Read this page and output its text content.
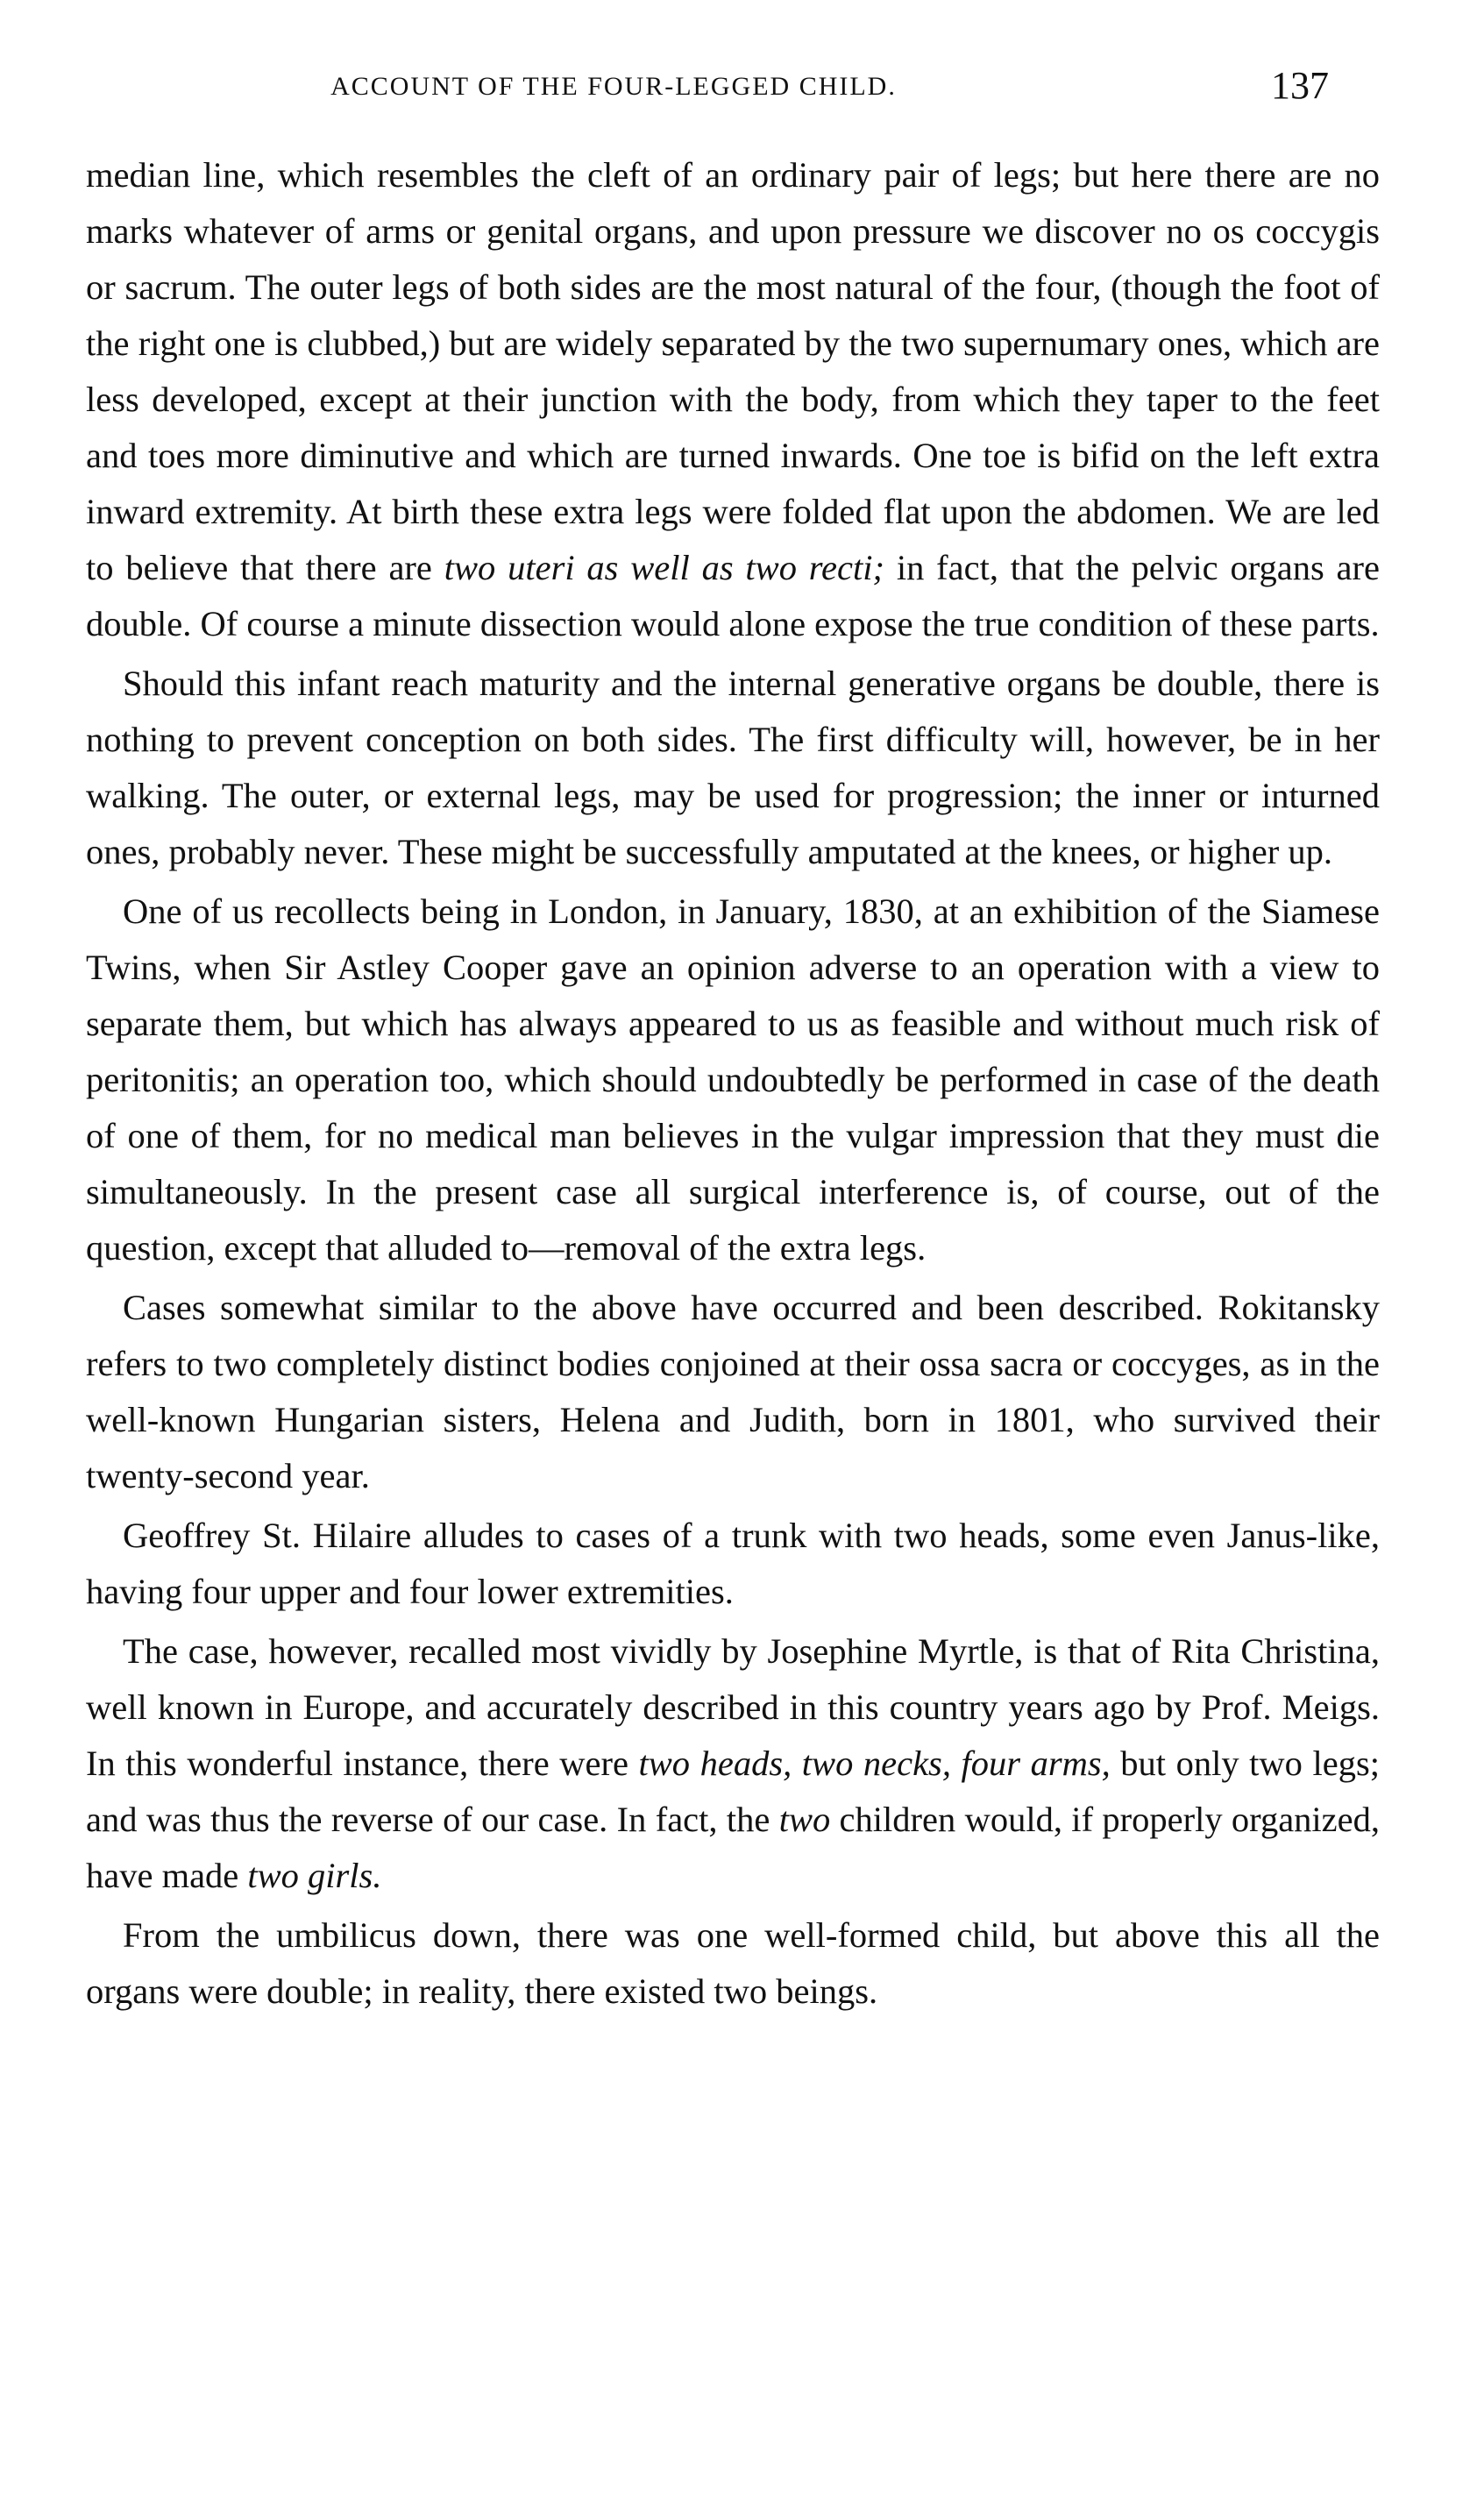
ACCOUNT OF THE FOUR-LEGGED CHILD.	137

median line, which resembles the cleft of an ordinary pair of legs; but here there are no marks whatever of arms or genital organs, and upon pressure we discover no os coccygis or sacrum. The outer legs of both sides are the most natural of the four, (though the foot of the right one is clubbed,) but are widely separated by the two supernumary ones, which are less developed, except at their junction with the body, from which they taper to the feet and toes more diminutive and which are turned inwards. One toe is bifid on the left extra inward extremity. At birth these extra legs were folded flat upon the abdomen. We are led to believe that there are two uteri as well as two recti; in fact, that the pelvic organs are double. Of course a minute dissection would alone expose the true condition of these parts.

Should this infant reach maturity and the internal generative organs be double, there is nothing to prevent conception on both sides. The first difficulty will, however, be in her walking. The outer, or external legs, may be used for progression; the inner or inturned ones, probably never. These might be successfully amputated at the knees, or higher up.

One of us recollects being in London, in January, 1830, at an exhibition of the Siamese Twins, when Sir Astley Cooper gave an opinion adverse to an operation with a view to separate them, but which has always appeared to us as feasible and without much risk of peritonitis; an operation too, which should undoubtedly be performed in case of the death of one of them, for no medical man believes in the vulgar impression that they must die simultaneously. In the present case all surgical interference is, of course, out of the question, except that alluded to—removal of the extra legs.

Cases somewhat similar to the above have occurred and been described. Rokitansky refers to two completely distinct bodies conjoined at their ossa sacra or coccyges, as in the well-known Hungarian sisters, Helena and Judith, born in 1801, who survived their twenty-second year.

Geoffrey St. Hilaire alludes to cases of a trunk with two heads, some even Janus-like, having four upper and four lower extremities.

The case, however, recalled most vividly by Josephine Myrtle, is that of Rita Christina, well known in Europe, and accurately described in this country years ago by Prof. Meigs. In this wonderful instance, there were two heads, two necks, four arms, but only two legs; and was thus the reverse of our case. In fact, the two children would, if properly organized, have made two girls.

From the umbilicus down, there was one well-formed child, but above this all the organs were double; in reality, there existed two beings.
